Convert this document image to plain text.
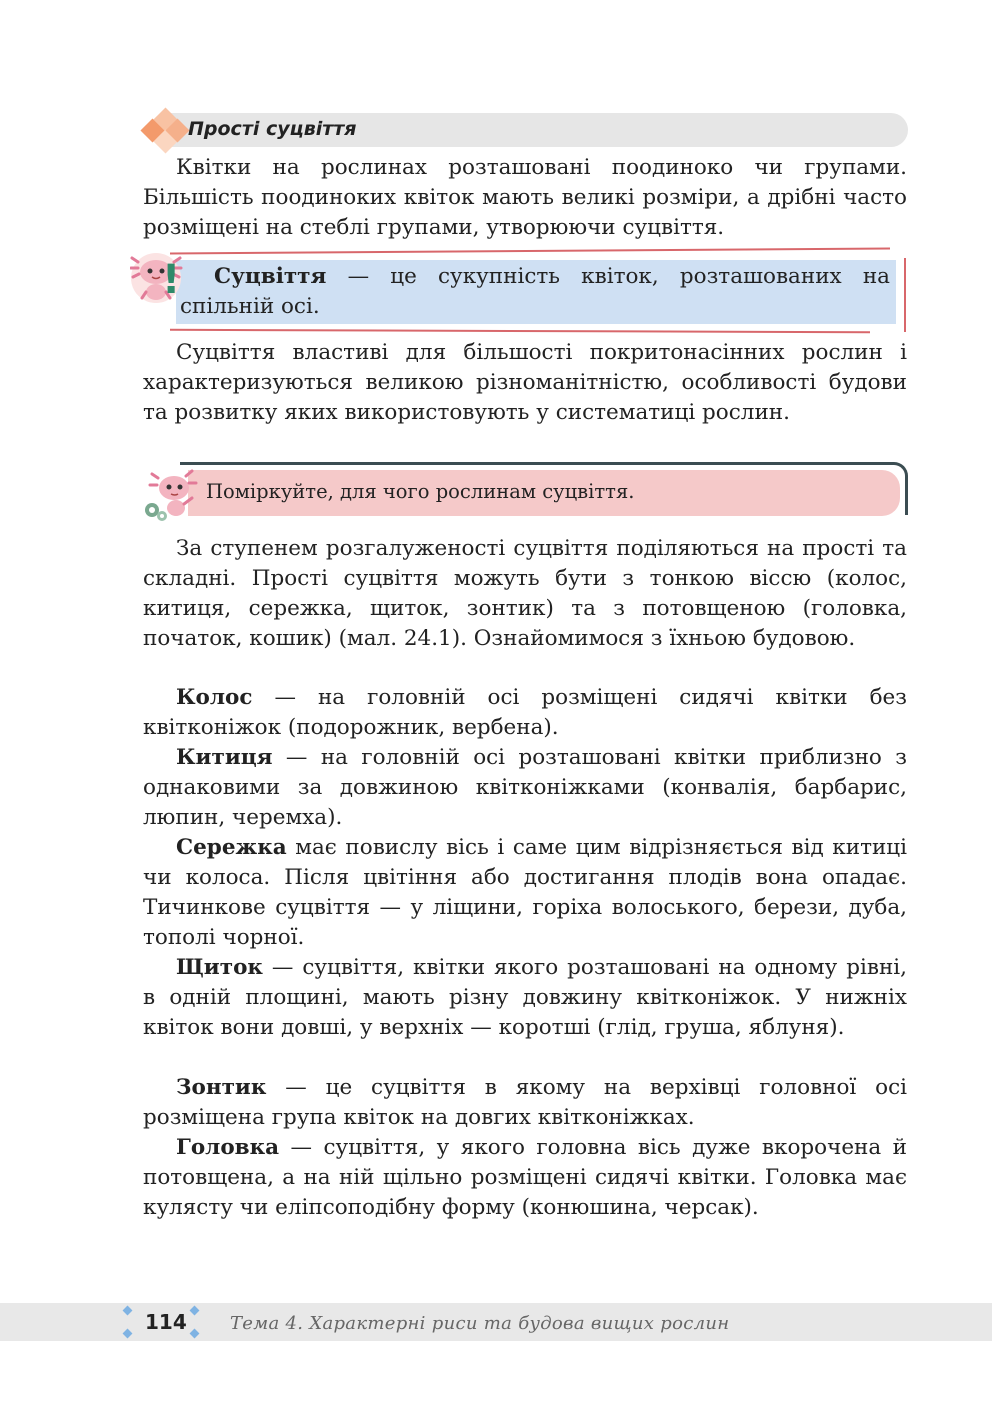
Прості суцвіття

Квітки на рослинах розташовані поодиноко чи групами. Більшість поодиноких квіток мають великі розміри, а дрібні часто розміщені на стеблі групами, утворюючи суцвіття.

Суцвіття — це сукупність квіток, розташованих на спільній осі.

!

Суцвіття властиві для більшості покритонасінних рослин і характеризуються великою різноманітністю, особливості будови та розвитку яких використовують у систематиці рослин.

Поміркуйте, для чого рослинам суцвіття.

За ступенем розгалуженості суцвіття поділяються на прості та складні. Прості суцвіття можуть бути з тонкою віссю (колос, китиця, сережка, щиток, зонтик) та з потовщеною (головка, початок, кошик) (мал. 24.1). Ознайомимося з їхньою будовою.

Колос — на головній осі розміщені сидячі квітки без квітконіжок (подорожник, вербена).

Китиця — на головній осі розташовані квітки приблизно з однаковими за довжиною квітконіжками (конвалія, барбарис, люпин, черемха).

Сережка має повислу вісь і саме цим відрізняється від китиці чи колоса. Після цвітіння або достигання плодів вона опадає. Тичинкове суцвіття — у ліщини, горіха волоського, берези, дуба, тополі чорної.

Щиток — суцвіття, квітки якого розташовані на одному рівні, в одній площині, мають різну довжину квітконіжок. У нижніх квіток вони довші, у верхніх — коротші (глід, груша, яблуня).

Зонтик — це суцвіття в якому на верхівці головної осі розміщена група квіток на довгих квітконіжках.

Головка — суцвіття, у якого головна вісь дуже вкорочена й потовщена, а на ній щільно розміщені сидячі квітки. Головка має кулясту чи еліпсоподібну форму (конюшина, черсак).

114 Тема 4. Характерні риси та будова вищих рослин
